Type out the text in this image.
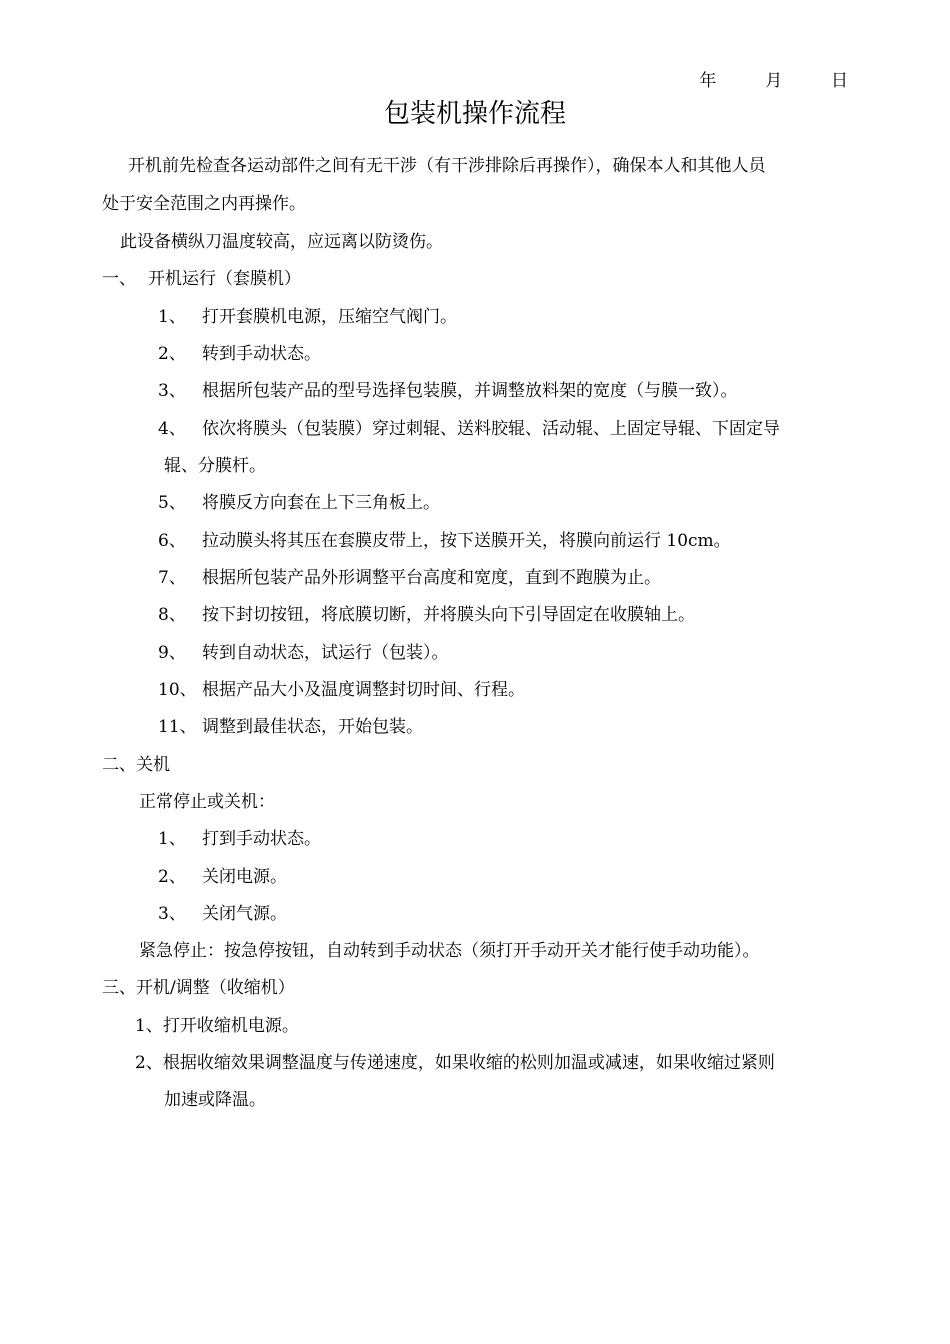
年	月	日
包装机操作流程
开机前先检查各运动部件之间有无干涉（有干涉排除后再操作），确保本人和其他人员
处于安全范围之内再操作。
此设备横纵刀温度较高，应远离以防烫伤。
一、 开机运行（套膜机）
1、 打开套膜机电源，压缩空气阀门。
2、 转到手动状态。
3、 根据所包装产品的型号选择包装膜，并调整放料架的宽度（与膜一致）。
4、 依次将膜头（包装膜）穿过刺辊、送料胶辊、活动辊、上固定导辊、下固定导
辊、分膜杆。
5、 将膜反方向套在上下三角板上。
6、 拉动膜头将其压在套膜皮带上，按下送膜开关，将膜向前运行 10cm。
7、 根据所包装产品外形调整平台高度和宽度，直到不跑膜为止。
8、 按下封切按钮，将底膜切断，并将膜头向下引导固定在收膜轴上。
9、 转到自动状态，试运行（包装）。
10、 根据产品大小及温度调整封切时间、行程。
11、 调整到最佳状态，开始包装。
二、关机
正常停止或关机：
1、 打到手动状态。
2、 关闭电源。
3、 关闭气源。
紧急停止：按急停按钮，自动转到手动状态（须打开手动开关才能行使手动功能）。
三、开机/调整（收缩机）
1、打开收缩机电源。
2、根据收缩效果调整温度与传递速度，如果收缩的松则加温或减速，如果收缩过紧则
加速或降温。
